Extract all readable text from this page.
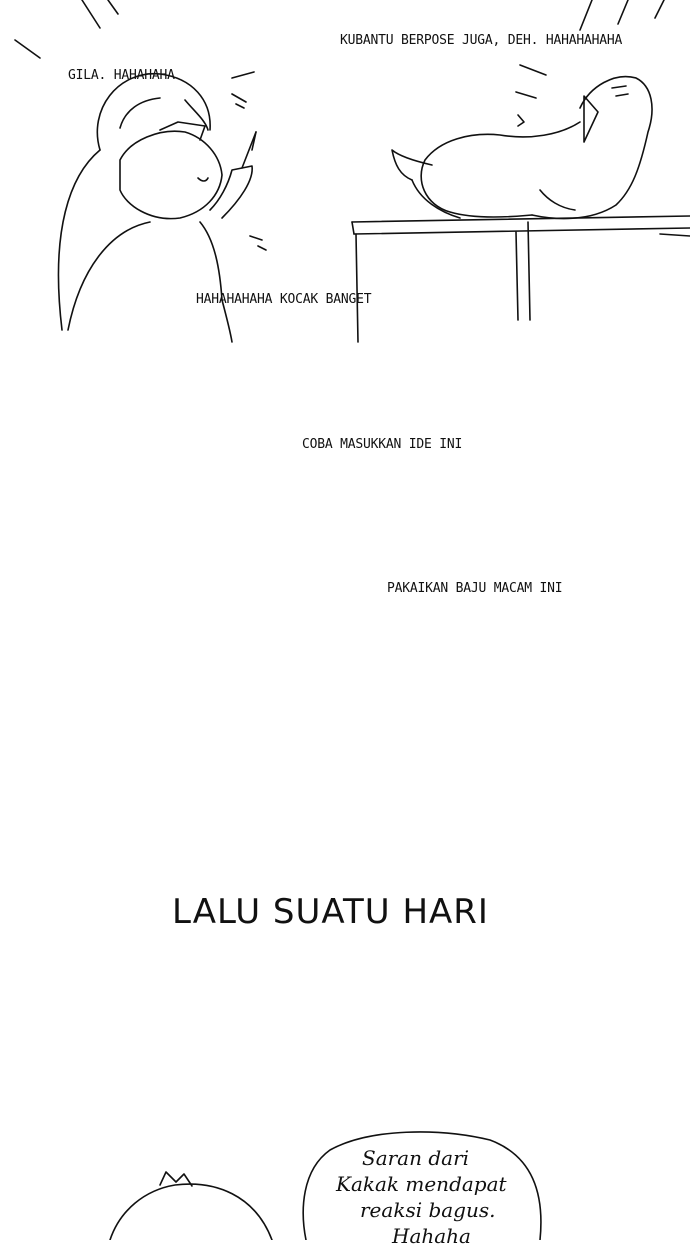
GILA. HAHAHAHA
KUBANTU BERPOSE JUGA, DEH. HAHAHAHAHA
HAHAHAHAHA KOCAK BANGET
COBA MASUKKAN IDE INI
PAKAIKAN BAJU MACAM INI
LALU SUATU HARI
Saran dari
Kakak mendapat
reaksi bagus.
Hahaha
